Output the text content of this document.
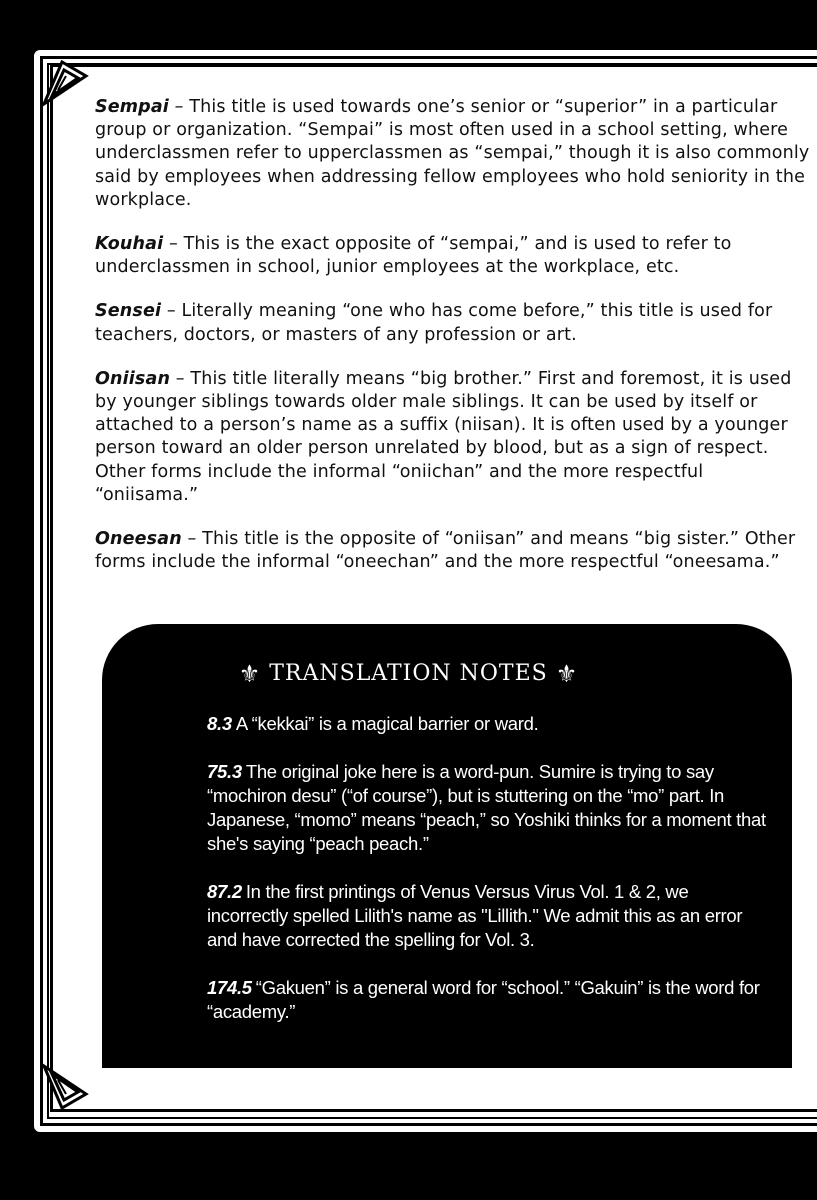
Sempai – This title is used towards one’s senior or “superior” in a particular group or organization. “Sempai” is most often used in a school setting, where underclassmen refer to upperclassmen as “sempai,” though it is also commonly said by employees when addressing fellow employees who hold seniority in the workplace.

Kouhai – This is the exact opposite of “sempai,” and is used to refer to underclassmen in school, junior employees at the workplace, etc.

Sensei – Literally meaning “one who has come before,” this title is used for teachers, doctors, or masters of any profession or art.

Oniisan – This title literally means “big brother.” First and foremost, it is used by younger siblings towards older male siblings. It can be used by itself or attached to a person’s name as a suffix (niisan). It is often used by a younger person toward an older person unrelated by blood, but as a sign of respect. Other forms include the informal “oniichan” and the more respectful “oniisama.”

Oneesan – This title is the opposite of “oniisan” and means “big sister.” Other forms include the informal “oneechan” and the more respectful “oneesama.”

⚜ TRANSLATION NOTES ⚜

8.3 A “kekkai” is a magical barrier or ward.

75.3 The original joke here is a word-pun. Sumire is trying to say “mochiron desu” (“of course”), but is stuttering on the “mo” part. In Japanese, “momo” means “peach,” so Yoshiki thinks for a moment that she's saying “peach peach.”

87.2 In the first printings of Venus Versus Virus Vol. 1 & 2, we incorrectly spelled Lilith's name as "Lillith." We admit this as an error and have corrected the spelling for Vol. 3.

174.5 “Gakuen” is a general word for “school.” “Gakuin” is the word for “academy.”
